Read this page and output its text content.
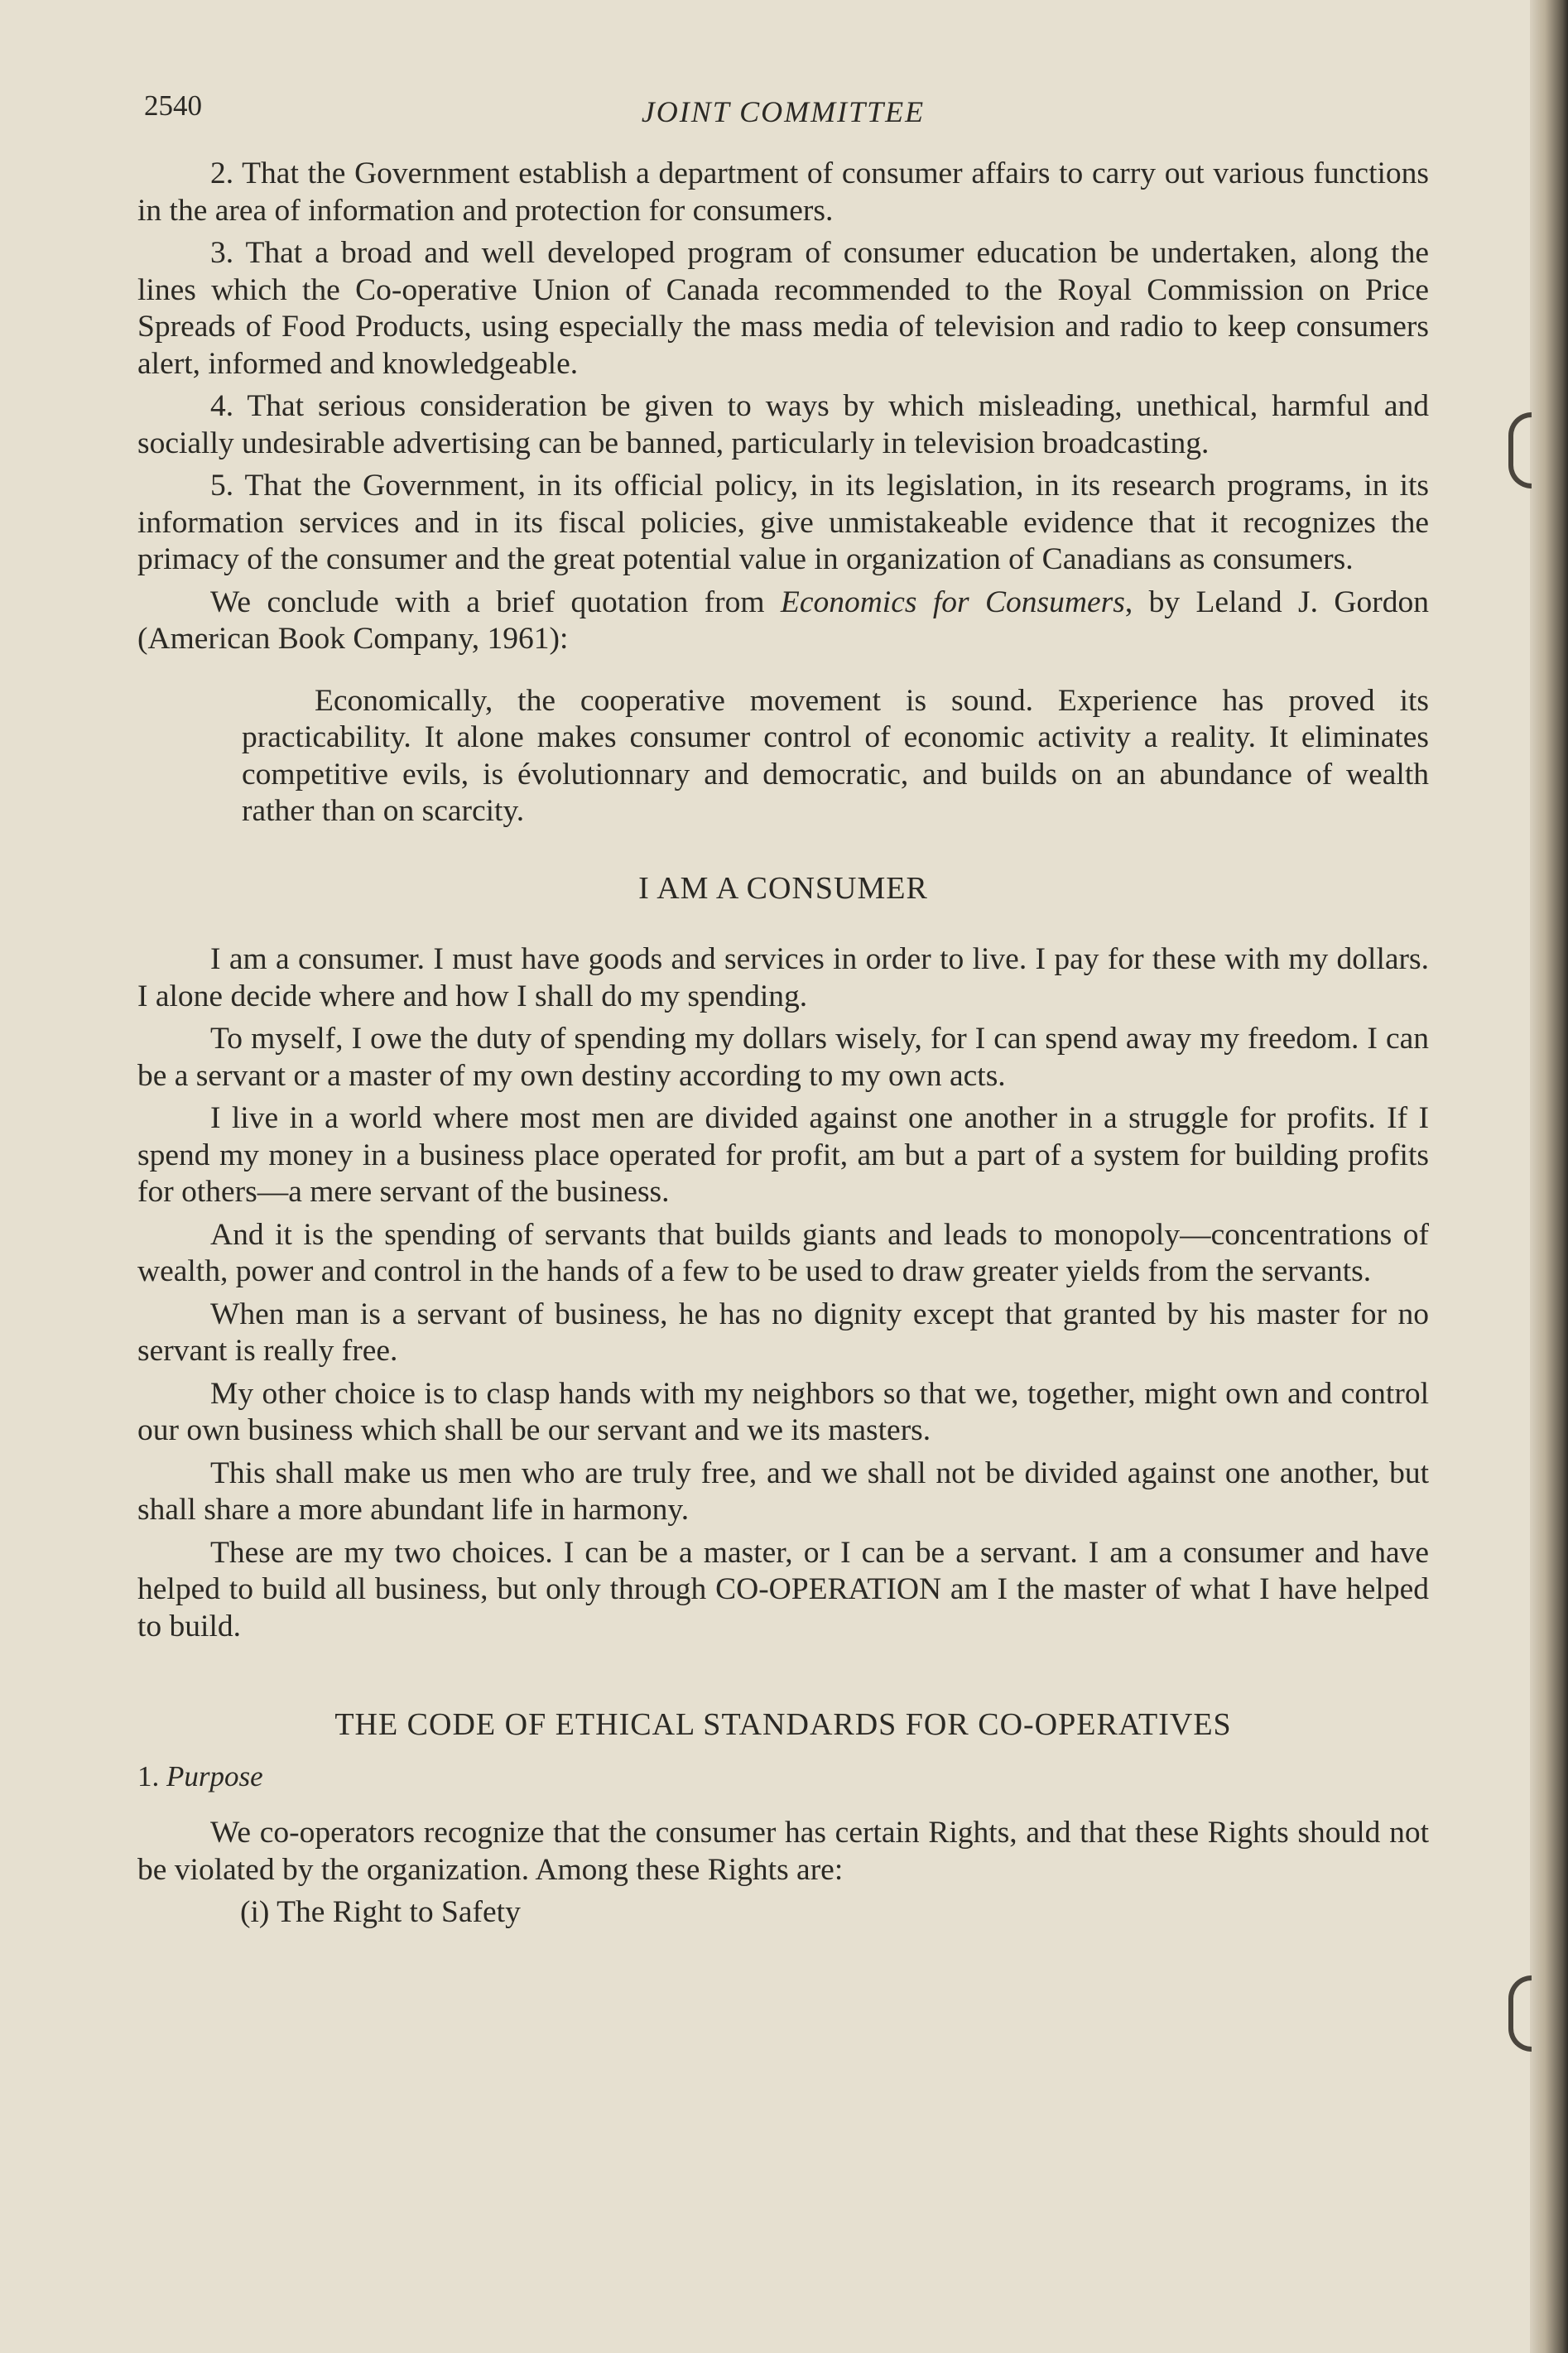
2540	JOINT COMMITTEE

2. That the Government establish a department of consumer affairs to carry out various functions in the area of information and protection for consumers.

3. That a broad and well developed program of consumer education be undertaken, along the lines which the Co-operative Union of Canada recommended to the Royal Commission on Price Spreads of Food Products, using especially the mass media of television and radio to keep consumers alert, informed and knowledgeable.

4. That serious consideration be given to ways by which misleading, unethical, harmful and socially undesirable advertising can be banned, particularly in television broadcasting.

5. That the Government, in its official policy, in its legislation, in its research programs, in its information services and in its fiscal policies, give unmistakeable evidence that it recognizes the primacy of the consumer and the great potential value in organization of Canadians as consumers.

We conclude with a brief quotation from Economics for Consumers, by Leland J. Gordon (American Book Company, 1961):

Economically, the cooperative movement is sound. Experience has proved its practicability. It alone makes consumer control of economic activity a reality. It eliminates competitive evils, is évolutionnary and democratic, and builds on an abundance of wealth rather than on scarcity.

I AM A CONSUMER

I am a consumer. I must have goods and services in order to live. I pay for these with my dollars. I alone decide where and how I shall do my spending.

To myself, I owe the duty of spending my dollars wisely, for I can spend away my freedom. I can be a servant or a master of my own destiny according to my own acts.

I live in a world where most men are divided against one another in a struggle for profits. If I spend my money in a business place operated for profit, am but a part of a system for building profits for others—a mere servant of the business.

And it is the spending of servants that builds giants and leads to monopoly—concentrations of wealth, power and control in the hands of a few to be used to draw greater yields from the servants.

When man is a servant of business, he has no dignity except that granted by his master for no servant is really free.

My other choice is to clasp hands with my neighbors so that we, together, might own and control our own business which shall be our servant and we its masters.

This shall make us men who are truly free, and we shall not be divided against one another, but shall share a more abundant life in harmony.

These are my two choices. I can be a master, or I can be a servant. I am a consumer and have helped to build all business, but only through CO-OPERATION am I the master of what I have helped to build.

THE CODE OF ETHICAL STANDARDS FOR CO-OPERATIVES

1. Purpose

We co-operators recognize that the consumer has certain Rights, and that these Rights should not be violated by the organization. Among these Rights are:

(i) The Right to Safety
